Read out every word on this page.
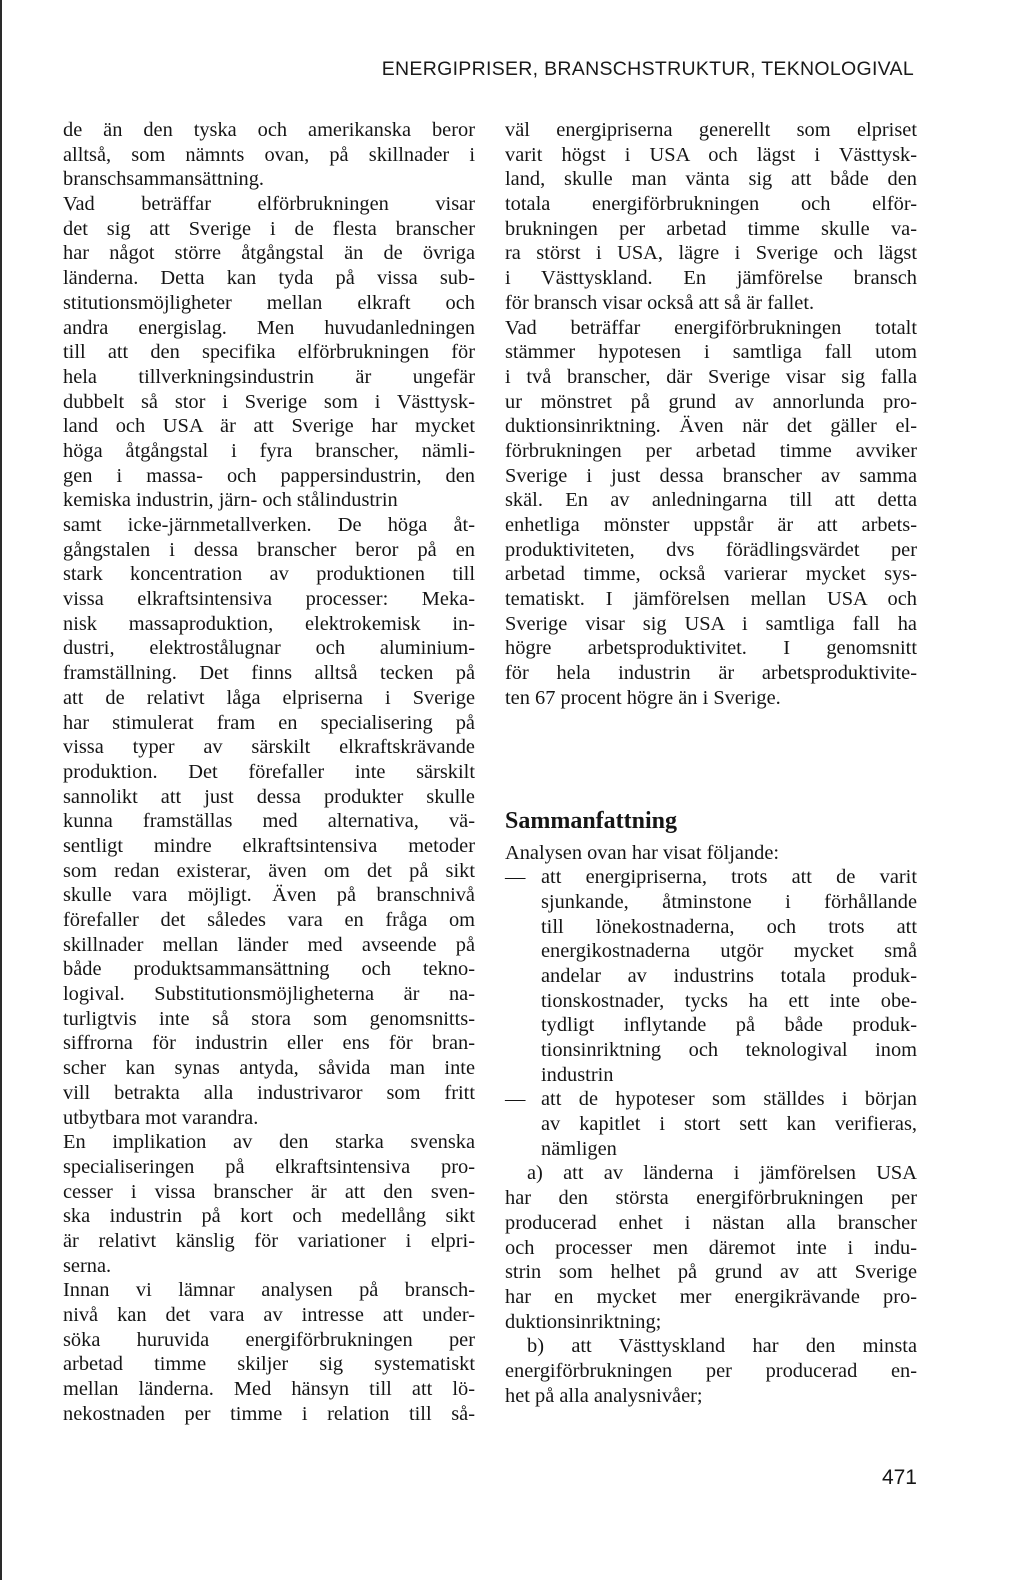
ENERGIPRISER, BRANSCHSTRUKTUR, TEKNOLOGIVAL
de än den tyska och amerikanska beror
alltså, som nämnts ovan, på skillnader i
branschsammansättning.
Vad beträffar elförbrukningen visar
det sig att Sverige i de flesta branscher
har något större åtgångstal än de övriga
länderna. Detta kan tyda på vissa sub-
stitutionsmöjligheter mellan elkraft och
andra energislag. Men huvudanledningen
till att den specifika elförbrukningen för
hela tillverkningsindustrin är ungefär
dubbelt så stor i Sverige som i Västtysk-
land och USA är att Sverige har mycket
höga åtgångstal i fyra branscher, nämli-
gen i massa- och pappersindustrin, den
kemiska industrin, järn- och stålindustrin
samt icke-järnmetallverken. De höga åt-
gångstalen i dessa branscher beror på en
stark koncentration av produktionen till
vissa elkraftsintensiva processer: Meka-
nisk massaproduktion, elektrokemisk in-
dustri, elektrostålugnar och aluminium-
framställning. Det finns alltså tecken på
att de relativt låga elpriserna i Sverige
har stimulerat fram en specialisering på
vissa typer av särskilt elkraftskrävande
produktion. Det förefaller inte särskilt
sannolikt att just dessa produkter skulle
kunna framställas med alternativa, vä-
sentligt mindre elkraftsintensiva metoder
som redan existerar, även om det på sikt
skulle vara möjligt. Även på branschnivå
förefaller det således vara en fråga om
skillnader mellan länder med avseende på
både produktsammansättning och tekno-
logival. Substitutionsmöjligheterna är na-
turligtvis inte så stora som genomsnitts-
siffrorna för industrin eller ens för bran-
scher kan synas antyda, såvida man inte
vill betrakta alla industrivaror som fritt
utbytbara mot varandra.
En implikation av den starka svenska
specialiseringen på elkraftsintensiva pro-
cesser i vissa branscher är att den sven-
ska industrin på kort och medellång sikt
är relativt känslig för variationer i elpri-
serna.
Innan vi lämnar analysen på bransch-
nivå kan det vara av intresse att under-
söka huruvida energiförbrukningen per
arbetad timme skiljer sig systematiskt
mellan länderna. Med hänsyn till att lö-
nekostnaden per timme i relation till så-
väl energipriserna generellt som elpriset
varit högst i USA och lägst i Västtysk-
land, skulle man vänta sig att både den
totala energiförbrukningen och elför-
brukningen per arbetad timme skulle va-
ra störst i USA, lägre i Sverige och lägst
i Västtyskland. En jämförelse bransch
för bransch visar också att så är fallet.
Vad beträffar energiförbrukningen totalt
stämmer hypotesen i samtliga fall utom
i två branscher, där Sverige visar sig falla
ur mönstret på grund av annorlunda pro-
duktionsinriktning. Även när det gäller el-
förbrukningen per arbetad timme avviker
Sverige i just dessa branscher av samma
skäl. En av anledningarna till att detta
enhetliga mönster uppstår är att arbets-
produktiviteten, dvs förädlingsvärdet per
arbetad timme, också varierar mycket sys-
tematiskt. I jämförelsen mellan USA och
Sverige visar sig USA i samtliga fall ha
högre arbetsproduktivitet. I genomsnitt
för hela industrin är arbetsproduktivite-
ten 67 procent högre än i Sverige.
Sammanfattning
Analysen ovan har visat följande:
— att energipriserna, trots att de varit
sjunkande, åtminstone i förhållande
till lönekostnaderna, och trots att
energikostnaderna utgör mycket små
andelar av industrins totala produk-
tionskostnader, tycks ha ett inte obe-
tydligt inflytande på både produk-
tionsinriktning och teknologival inom
industrin
— att de hypoteser som ställdes i början
av kapitlet i stort sett kan verifieras,
nämligen
a) att av länderna i jämförelsen USA
har den största energiförbrukningen per
producerad enhet i nästan alla branscher
och processer men däremot inte i indu-
strin som helhet på grund av att Sverige
har en mycket mer energikrävande pro-
duktionsinriktning;
b) att Västtyskland har den minsta
energiförbrukningen per producerad en-
het på alla analysnivåer;
471
